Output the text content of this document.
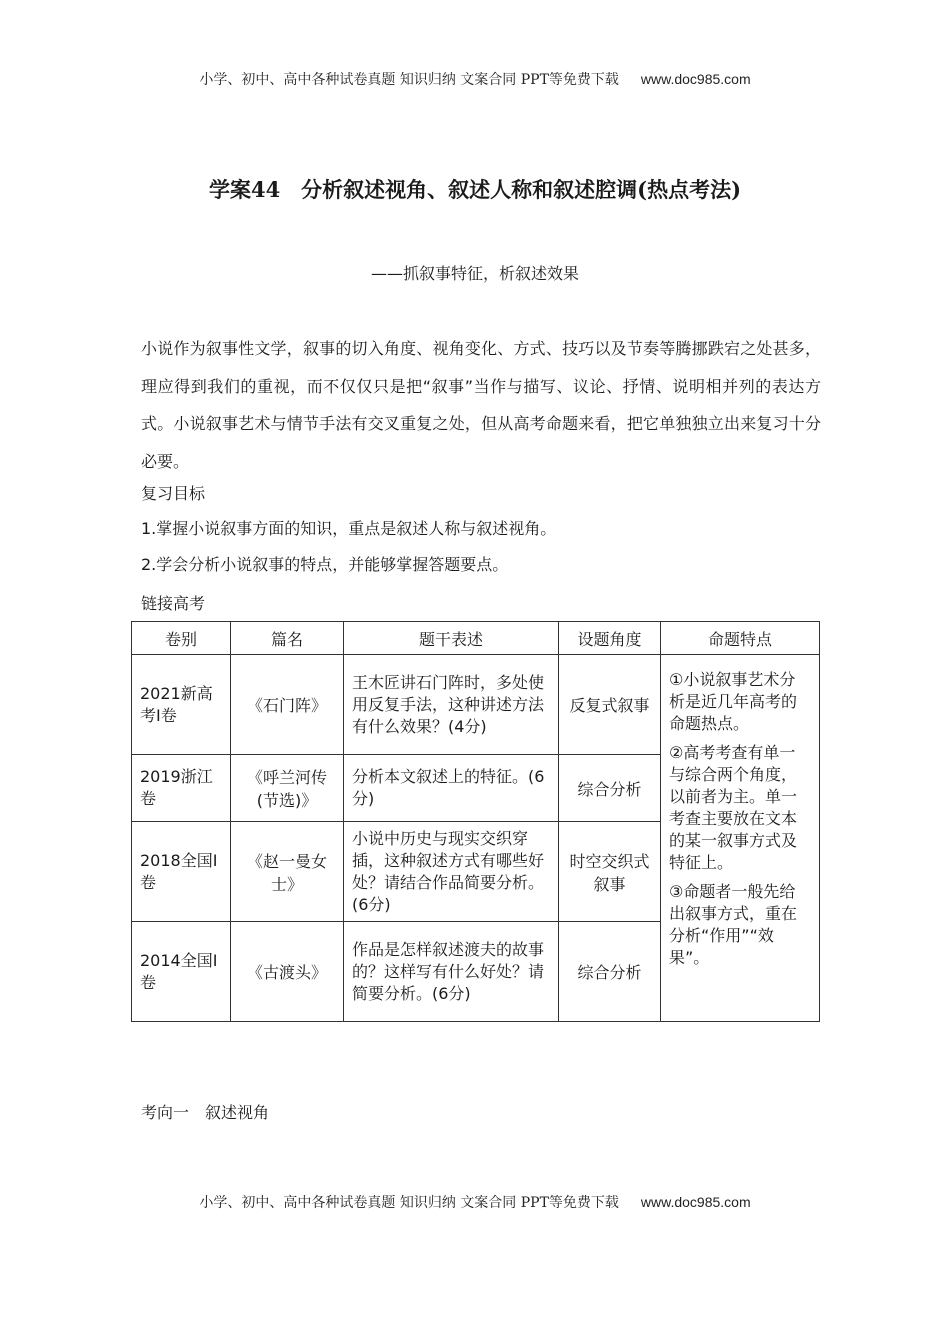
小学、初中、高中各种试卷真题 知识归纳 文案合同 PPT等免费下载 www.doc985.com
学案44　分析叙述视角、叙述人称和叙述腔调(热点考法)
——抓叙事特征，析叙述效果

小说作为叙事性文学，叙事的切入角度、视角变化、方式、技巧以及节奏等腾挪跌宕之处甚多，理应得到我们的重视，而不仅仅只是把“叙事”当作与描写、议论、抒情、说明相并列的表达方式。小说叙事艺术与情节手法有交叉重复之处，但从高考命题来看，把它单独独立出来复习十分必要。

复习目标
1.掌握小说叙事方面的知识，重点是叙述人称与叙述视角。
2.学会分析小说叙事的特点，并能够掌握答题要点。
链接高考
卷别	篇名	题干表述	设题角度	命题特点
2021新高考Ⅰ卷	《石门阵》	王木匠讲石门阵时，多处使用反复手法，这种讲述方法有什么效果？(4分)	反复式叙事	①小说叙事艺术分析是近几年高考的命题热点。

②高考考查有单一与综合两个角度，以前者为主。单一考查主要放在文本的某一叙事方式及特征上。

③命题者一般先给出叙事方式，重在分析“作用”“效果”。

2019浙江卷	《呼兰河传(节选)》	分析本文叙述上的特征。(6分)	综合分析	
2018全国Ⅰ卷	《赵一曼女士》	小说中历史与现实交织穿插，这种叙述方式有哪些好处？请结合作品简要分析。(6分)	时空交织式叙事	
2014全国Ⅰ卷	《古渡头》	作品是怎样叙述渡夫的故事的？这样写有什么好处？请简要分析。(6分)	综合分析	
考向一　叙述视角
小学、初中、高中各种试卷真题 知识归纳 文案合同 PPT等免费下载 www.doc985.com
